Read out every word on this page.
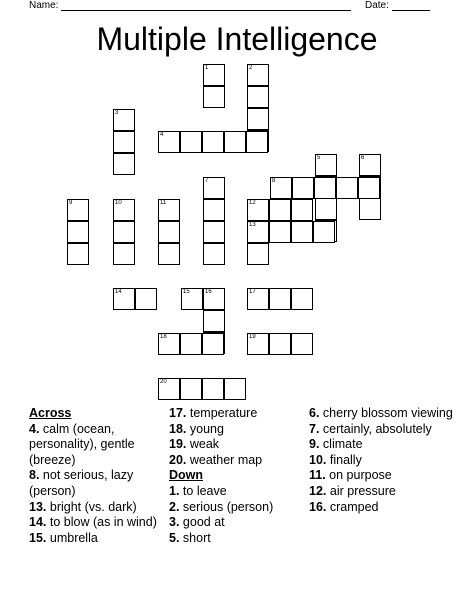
Name:	Date:
Multiple Intelligence
1	2
3
4
5	6
7	8
9	10	11	12
13
14	15	16	17
18	19
20
Across
4. calm (ocean, personality), gentle (breeze)
8. not serious, lazy (person)
13. bright (vs. dark)
14. to blow (as in wind)
15. umbrella
17. temperature
18. young
19. weak
20. weather map
Down
1. to leave
2. serious (person)
3. good at
5. short
6. cherry blossom viewing
7. certainly, absolutely
9. climate
10. finally
11. on purpose
12. air pressure
16. cramped
